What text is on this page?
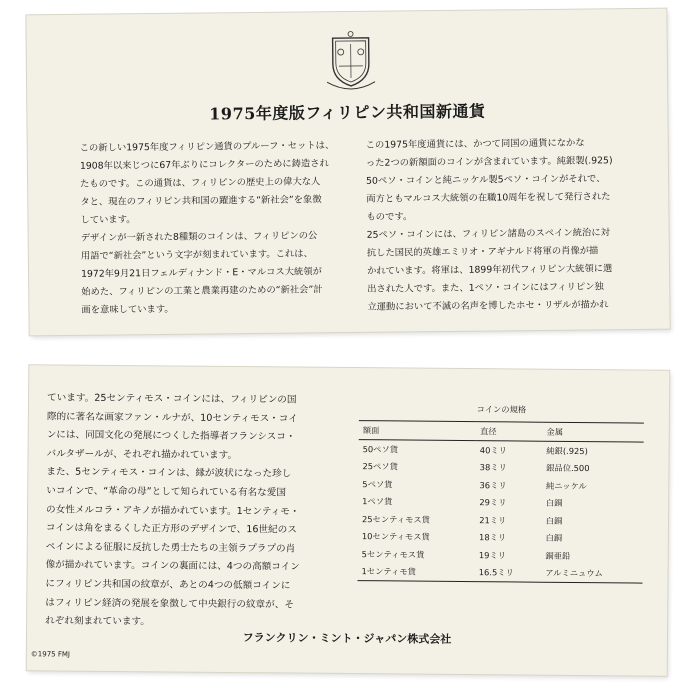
1975年度版フィリピン共和国新通貨

この新しい1975年度フィリピン通貨のプルーフ・セットは、
1908年以来じつに67年ぶりにコレクターのために鋳造され
たものです。この通貨は、フィリピンの歴史上の偉大な人
タと、現在のフィリピン共和国の躍進する“新社会”を象徴
しています。
デザインが一新された8種類のコインは、フィリピンの公
用語で“新社会”という文字が刻まれています。これは、
1972年9月21日フェルディナンド・E・マルコス大統領が
始めた、フィリピンの工業と農業再建のための“新社会”計
画を意味しています。

この1975年度通貨には、かつて同国の通貨になかな
った2つの新額面のコインが含まれています。純銀製(.925)
50ペソ・コインと純ニッケル製5ペソ・コインがそれで、
両方ともマルコス大統領の在職10周年を祝して発行された
ものです。
25ペソ・コインには、フィリピン諸島のスペイン統治に対
抗した国民的英雄エミリオ・アギナルド将軍の肖像が描
かれています。将軍は、1899年初代フィリピン大統領に選
出された人です。また、1ペソ・コインにはフィリピン独
立運動において不滅の名声を博したホセ・リザルが描かれ

ています。25センティモス・コインには、フィリピンの国
際的に著名な画家ファン・ルナが、10センティモス・コイ
ンには、同国文化の発展につくした指導者フランシスコ・
バルタザールが、それぞれ描かれています。
また、5センティモス・コインは、縁が波状になった珍し
いコインで、“革命の母”として知られている有名な愛国
の女性メルコラ・アキノが描かれています。1センティモ・
コインは角をまるくした正方形のデザインで、16世紀のス
ペインによる征服に反抗した勇士たちの主領ラプラプの肖
像が描かれています。コインの裏面には、4つの高額コイン
にフィリピン共和国の紋章が、あとの4つの低額コインに
はフィリピン経済の発展を象徴して中央銀行の紋章が、そ
れぞれ刻まれています。

コインの規格
額面	直径	金属
50ペソ貨	40ミリ	純銀(.925)
25ペソ貨	38ミリ	銀品位.500
5ペソ貨	36ミリ	純ニッケル
1ペソ貨	29ミリ	白銅
25センティモス貨	21ミリ	白銅
10センティモス貨	18ミリ	白銅
5センティモス貨	19ミリ	銅亜鉛
1センティモ貨	16.5ミリ	アルミニュウム
フランクリン・ミント・ジャパン株式会社
©1975 FMJ
